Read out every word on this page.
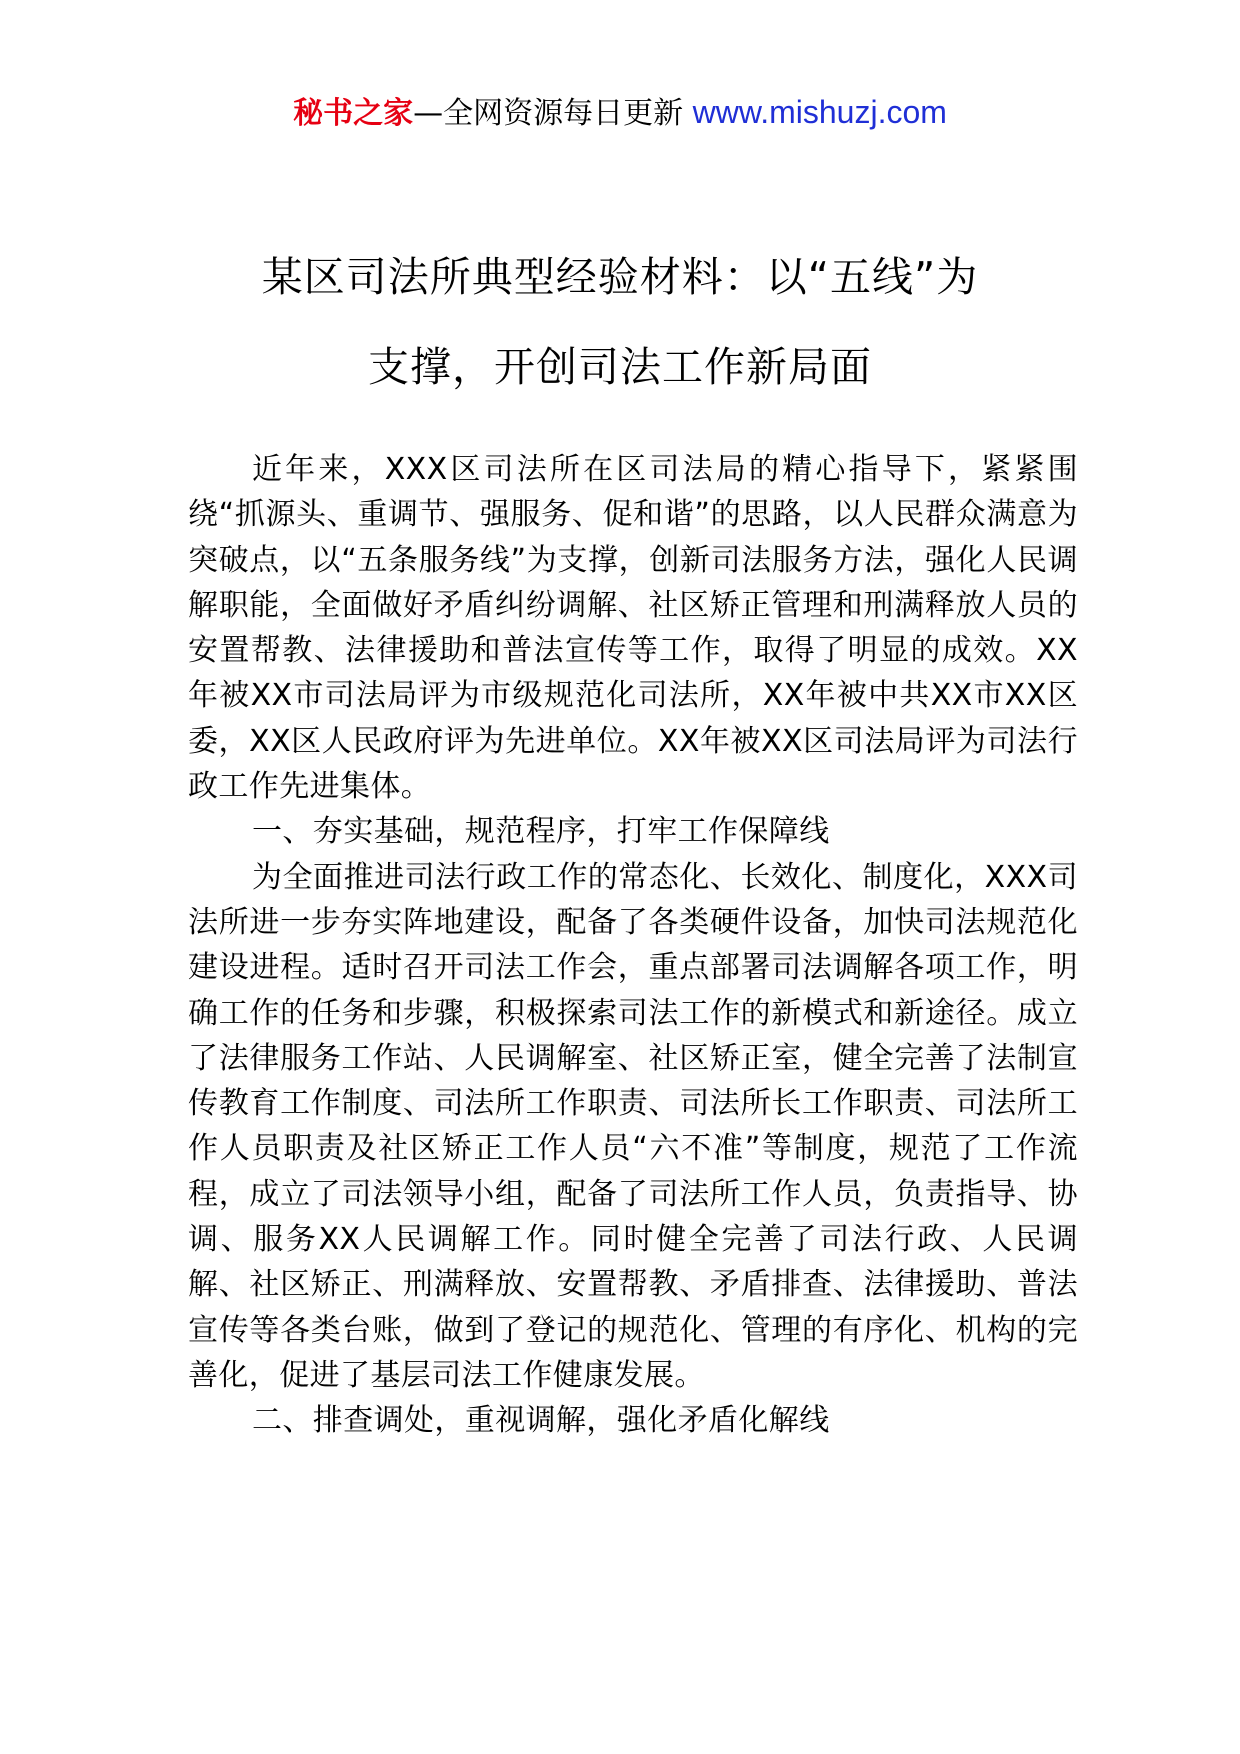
秘书之家—全网资源每日更新 www.mishuzj.com
某区司法所典型经验材料：以“五线”为
支撑，开创司法工作新局面

近年来，XXX区司法所在区司法局的精心指导下，紧紧围绕“抓源头、重调节、强服务、促和谐”的思路，以人民群众满意为突破点，以“五条服务线”为支撑，创新司法服务方法，强化人民调解职能，全面做好矛盾纠纷调解、社区矫正管理和刑满释放人员的安置帮教、法律援助和普法宣传等工作，取得了明显的成效。XX年被XX市司法局评为市级规范化司法所，XX年被中共XX市XX区委，XX区人民政府评为先进单位。XX年被XX区司法局评为司法行政工作先进集体。

一、夯实基础，规范程序，打牢工作保障线

为全面推进司法行政工作的常态化、长效化、制度化，XXX司法所进一步夯实阵地建设，配备了各类硬件设备，加快司法规范化建设进程。适时召开司法工作会，重点部署司法调解各项工作，明确工作的任务和步骤，积极探索司法工作的新模式和新途径。成立了法律服务工作站、人民调解室、社区矫正室，健全完善了法制宣传教育工作制度、司法所工作职责、司法所长工作职责、司法所工作人员职责及社区矫正工作人员“六不准”等制度，规范了工作流程，成立了司法领导小组，配备了司法所工作人员，负责指导、协调、服务XX人民调解工作。同时健全完善了司法行政、人民调解、社区矫正、刑满释放、安置帮教、矛盾排查、法律援助、普法宣传等各类台账，做到了登记的规范化、管理的有序化、机构的完善化，促进了基层司法工作健康发展。

二、排查调处，重视调解，强化矛盾化解线
